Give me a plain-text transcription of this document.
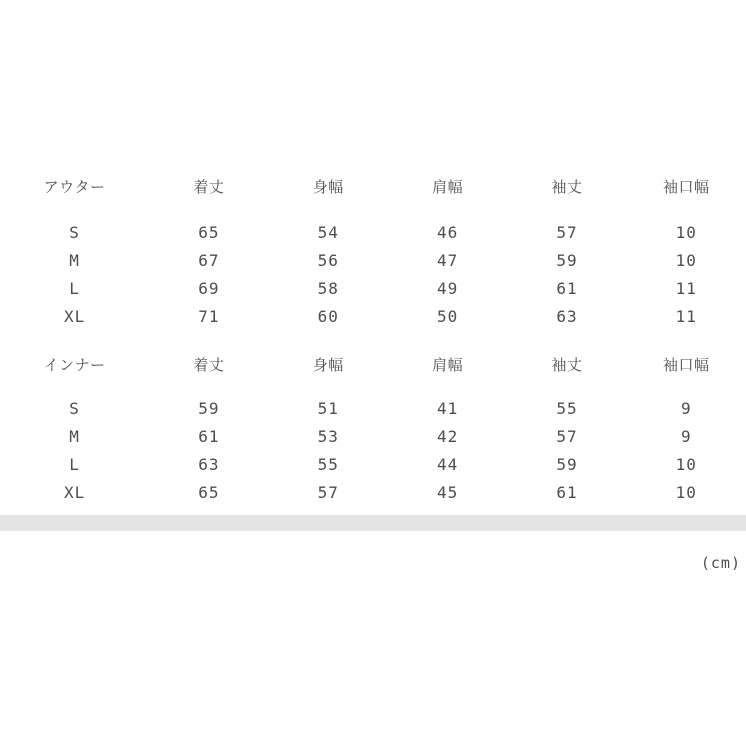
アウター	着丈	身幅	肩幅	袖丈	袖口幅
S	65	54	46	57	10
M	67	56	47	59	10
L	69	58	49	61	11
XL	71	60	50	63	11
インナー	着丈	身幅	肩幅	袖丈	袖口幅
S	59	51	41	55	9
M	61	53	42	57	9
L	63	55	44	59	10
XL	65	57	45	61	10
(cm)
